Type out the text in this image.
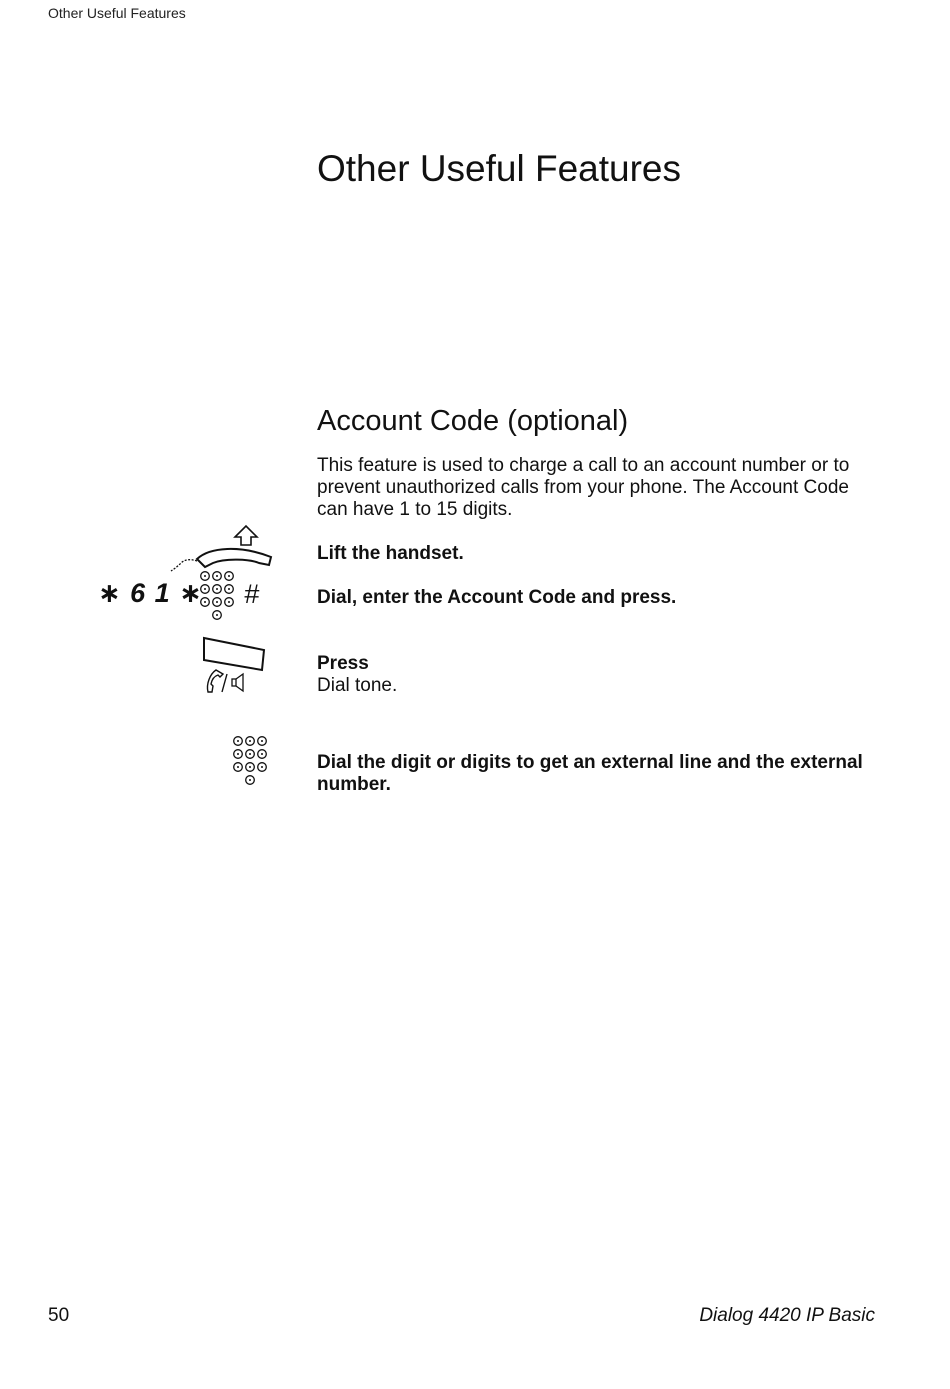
Other Useful Features
Other Useful Features
Account Code (optional)

This feature is used to charge a call to an account number or to prevent unauthorized calls from your phone. The Account Code can have 1 to 15 digits.

Lift the handset.
∗ 6 1 ∗ #	Dial, enter the Account Code and press.
Press
Dial tone.
Dial the digit or digits to get an external line and the external number.
50	Dialog 4420 IP Basic
